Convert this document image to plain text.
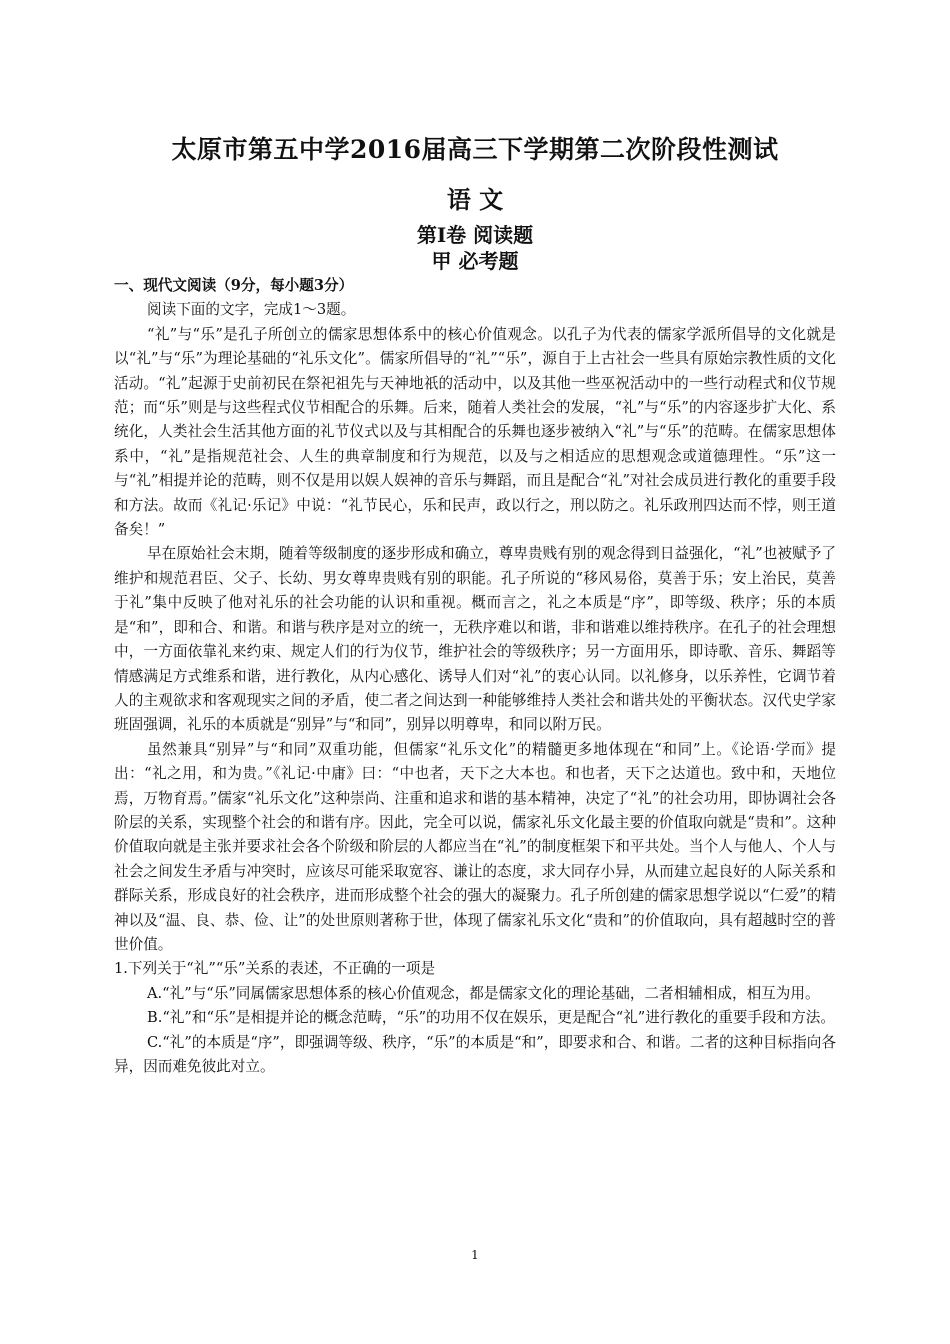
太原市第五中学2016届高三下学期第二次阶段性测试
语 文
第Ⅰ卷 阅读题
甲 必考题

一、现代文阅读（9分，每小题3分）

阅读下面的文字，完成1～3题。

“礼”与“乐”是孔子所创立的儒家思想体系中的核心价值观念。以孔子为代表的儒家学派所倡导的文化就是以“礼”与“乐”为理论基础的“礼乐文化”。儒家所倡导的“礼”“乐”，源自于上古社会一些具有原始宗教性质的文化活动。“礼”起源于史前初民在祭祀祖先与天神地祇的活动中，以及其他一些巫祝活动中的一些行动程式和仪节规范；而“乐”则是与这些程式仪节相配合的乐舞。后来，随着人类社会的发展，“礼”与“乐”的内容逐步扩大化、系统化，人类社会生活其他方面的礼节仪式以及与其相配合的乐舞也逐步被纳入“礼”与“乐”的范畴。在儒家思想体系中，“礼”是指规范社会、人生的典章制度和行为规范，以及与之相适应的思想观念或道德理性。“乐”这一与“礼”相提并论的范畴，则不仅是用以娱人娱神的音乐与舞蹈，而且是配合“礼”对社会成员进行教化的重要手段和方法。故而《礼记·乐记》中说：“礼节民心，乐和民声，政以行之，刑以防之。礼乐政刑四达而不悖，则王道备矣！”

早在原始社会末期，随着等级制度的逐步形成和确立，尊卑贵贱有别的观念得到日益强化，“礼”也被赋予了维护和规范君臣、父子、长幼、男女尊卑贵贱有别的职能。孔子所说的“移风易俗，莫善于乐；安上治民，莫善于礼”集中反映了他对礼乐的社会功能的认识和重视。概而言之，礼之本质是“序”，即等级、秩序；乐的本质是“和”，即和合、和谐。和谐与秩序是对立的统一，无秩序难以和谐，非和谐难以维持秩序。在孔子的社会理想中，一方面依靠礼来约束、规定人们的行为仪节，维护社会的等级秩序；另一方面用乐，即诗歌、音乐、舞蹈等情感满足方式维系和谐，进行教化，从内心感化、诱导人们对“礼”的衷心认同。以礼修身，以乐养性，它调节着人的主观欲求和客观现实之间的矛盾，使二者之间达到一种能够维持人类社会和谐共处的平衡状态。汉代史学家班固强调，礼乐的本质就是“别异”与“和同”，别异以明尊卑，和同以附万民。

虽然兼具“别异”与“和同”双重功能，但儒家“礼乐文化”的精髓更多地体现在“和同”上。《论语·学而》提出：“礼之用，和为贵。”《礼记·中庸》曰：“中也者，天下之大本也。和也者，天下之达道也。致中和，天地位焉，万物育焉。”儒家“礼乐文化”这种崇尚、注重和追求和谐的基本精神，决定了“礼”的社会功用，即协调社会各阶层的关系，实现整个社会的和谐有序。因此，完全可以说，儒家礼乐文化最主要的价值取向就是“贵和”。这种价值取向就是主张并要求社会各个阶级和阶层的人都应当在“礼”的制度框架下和平共处。当个人与他人、个人与社会之间发生矛盾与冲突时，应该尽可能采取宽容、谦让的态度，求大同存小异，从而建立起良好的人际关系和群际关系，形成良好的社会秩序，进而形成整个社会的强大的凝聚力。孔子所创建的儒家思想学说以“仁爱”的精神以及“温、良、恭、俭、让”的处世原则著称于世，体现了儒家礼乐文化“贵和”的价值取向，具有超越时空的普世价值。

1.下列关于“礼”“乐”关系的表述，不正确的一项是

A.“礼”与“乐”同属儒家思想体系的核心价值观念，都是儒家文化的理论基础，二者相辅相成，相互为用。

B.“礼”和“乐”是相提并论的概念范畴，“乐”的功用不仅在娱乐，更是配合“礼”进行教化的重要手段和方法。

C.“礼”的本质是“序”，即强调等级、秩序，“乐”的本质是“和”，即要求和合、和谐。二者的这种目标指向各异，因而难免彼此对立。

1
